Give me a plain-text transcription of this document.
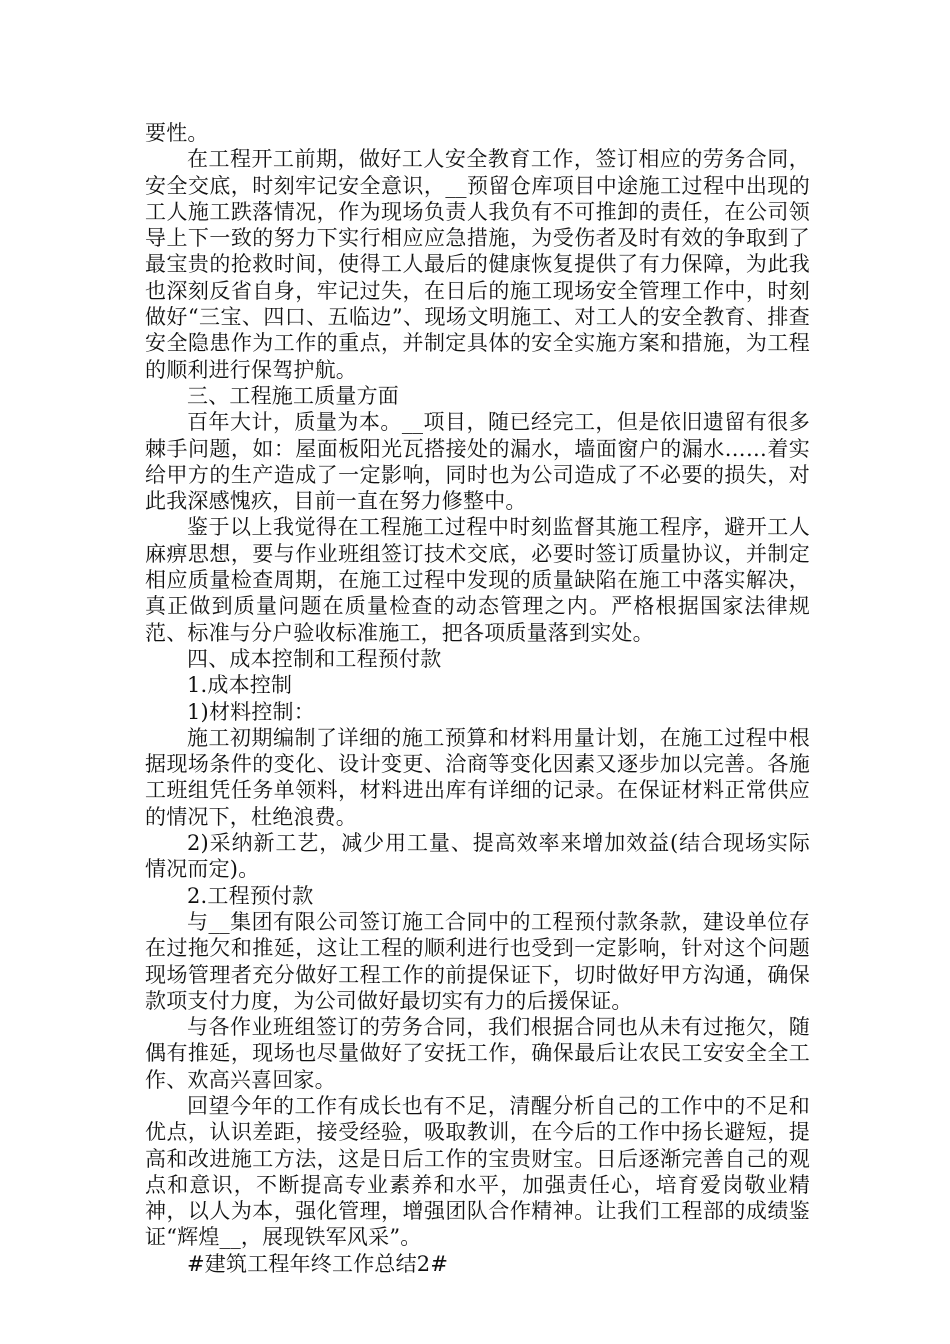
要性。

在工程开工前期，做好工人安全教育工作，签订相应的劳务合同，安全交底，时刻牢记安全意识，__预留仓库项目中途施工过程中出现的工人施工跌落情况，作为现场负责人我负有不可推卸的责任，在公司领导上下一致的努力下实行相应应急措施，为受伤者及时有效的争取到了最宝贵的抢救时间，使得工人最后的健康恢复提供了有力保障，为此我也深刻反省自身，牢记过失，在日后的施工现场安全管理工作中，时刻做好“三宝、四口、五临边”、现场文明施工、对工人的安全教育、排查安全隐患作为工作的重点，并制定具体的安全实施方案和措施，为工程的顺利进行保驾护航。

三、工程施工质量方面

百年大计，质量为本。__项目，随已经完工，但是依旧遗留有很多棘手问题，如：屋面板阳光瓦搭接处的漏水，墙面窗户的漏水……着实给甲方的生产造成了一定影响，同时也为公司造成了不必要的损失，对此我深感愧疚，目前一直在努力修整中。

鉴于以上我觉得在工程施工过程中时刻监督其施工程序，避开工人麻痹思想，要与作业班组签订技术交底，必要时签订质量协议，并制定相应质量检查周期，在施工过程中发现的质量缺陷在施工中落实解决，真正做到质量问题在质量检查的动态管理之内。严格根据国家法律规范、标准与分户验收标准施工，把各项质量落到实处。

四、成本控制和工程预付款

1.成本控制

1)材料控制：

施工初期编制了详细的施工预算和材料用量计划，在施工过程中根据现场条件的变化、设计变更、洽商等变化因素又逐步加以完善。各施工班组凭任务单领料，材料进出库有详细的记录。在保证材料正常供应的情况下，杜绝浪费。

2)采纳新工艺，减少用工量、提高效率来增加效益(结合现场实际情况而定)。

2.工程预付款

与__集团有限公司签订施工合同中的工程预付款条款，建设单位存在过拖欠和推延，这让工程的顺利进行也受到一定影响，针对这个问题现场管理者充分做好工程工作的前提保证下，切时做好甲方沟通，确保款项支付力度，为公司做好最切实有力的后援保证。

与各作业班组签订的劳务合同，我们根据合同也从未有过拖欠，随偶有推延，现场也尽量做好了安抚工作，确保最后让农民工安安全全工作、欢高兴喜回家。

回望今年的工作有成长也有不足，清醒分析自己的工作中的不足和优点，认识差距，接受经验，吸取教训，在今后的工作中扬长避短，提高和改进施工方法，这是日后工作的宝贵财宝。日后逐渐完善自己的观点和意识，不断提高专业素养和水平，加强责任心，培育爱岗敬业精神，以人为本，强化管理，增强团队合作精神。让我们工程部的成绩鉴证“辉煌__，展现铁军风采”。

#建筑工程年终工作总结2#
